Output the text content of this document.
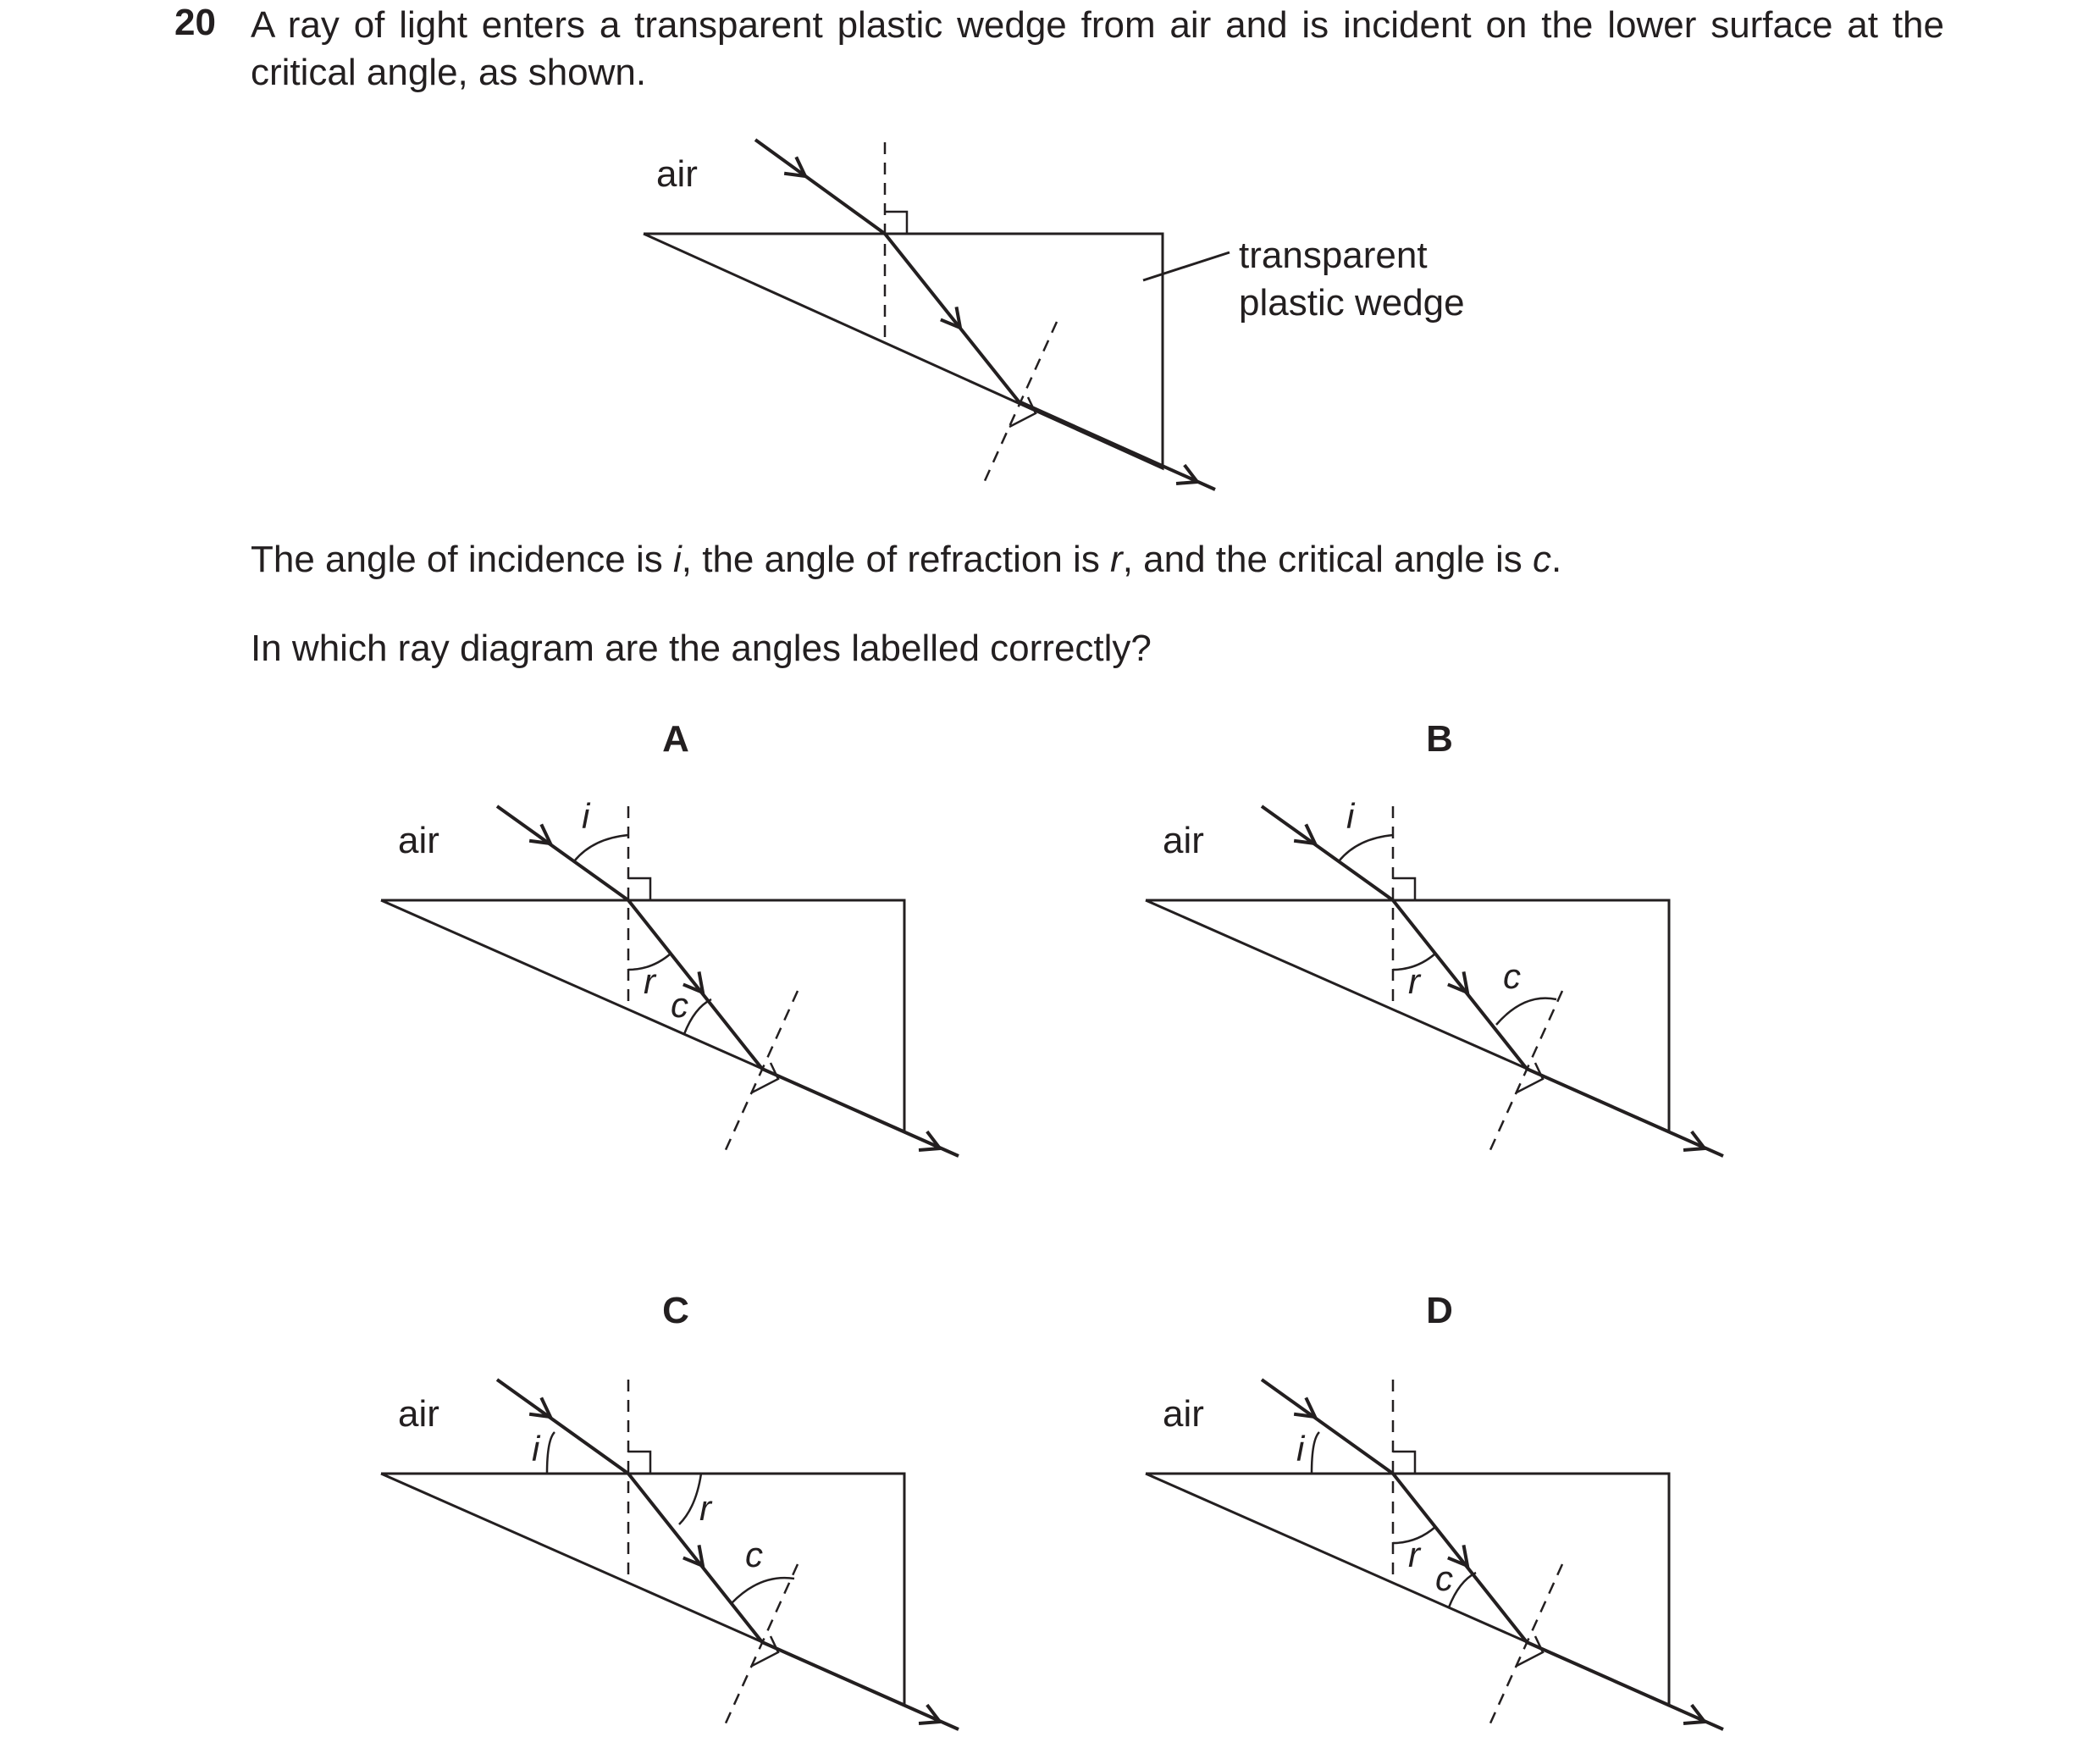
20 A ray of light enters a transparent plastic wedge from air and is incident on the lower surface at the critical angle, as shown.

The angle of incidence is i, the angle of refraction is r, and the critical angle is c.

In which ray diagram are the angles labelled correctly?

air
transparent
plastic wedge
A
air
i
r
c
B
air
i
r c
C
air
i
r
c
D
air
i
r
c
